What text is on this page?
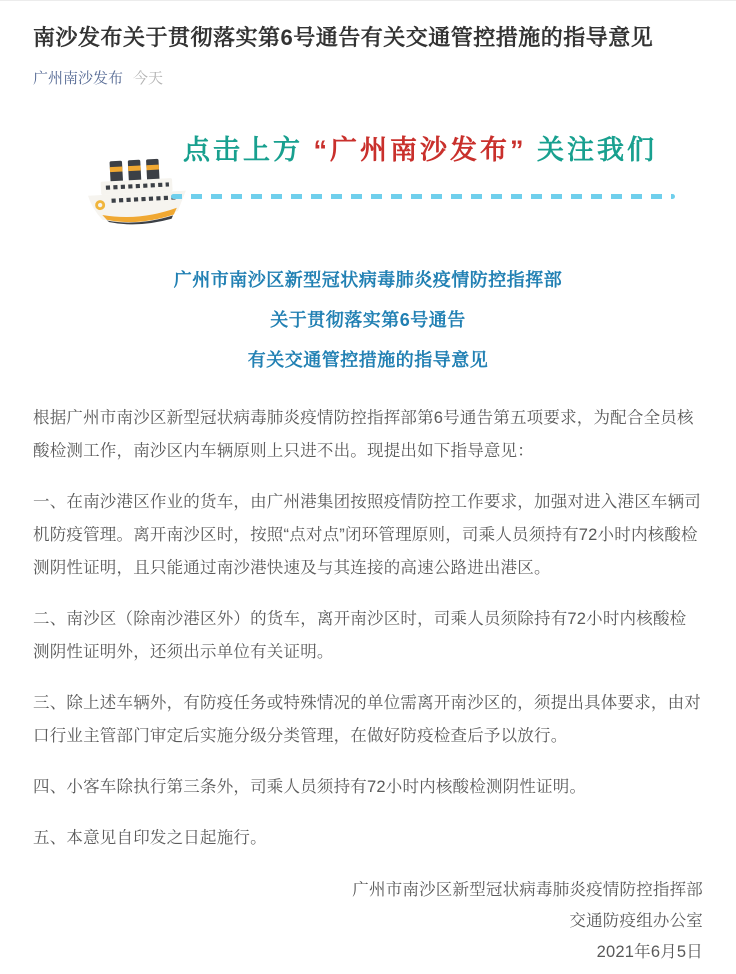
南沙发布关于贯彻落实第6号通告有关交通管控措施的指导意见
广州南沙发布 今天
点击上方 “广州南沙发布” 关注我们
广州市南沙区新型冠状病毒肺炎疫情防控指挥部
关于贯彻落实第6号通告
有关交通管控措施的指导意见

根据广州市南沙区新型冠状病毒肺炎疫情防控指挥部第6号通告第五项要求，为配合全员核酸检测工作，南沙区内车辆原则上只进不出。现提出如下指导意见：

一、在南沙港区作业的货车，由广州港集团按照疫情防控工作要求，加强对进入港区车辆司机防疫管理。离开南沙区时，按照“点对点”闭环管理原则，司乘人员须持有72小时内核酸检测阴性证明，且只能通过南沙港快速及与其连接的高速公路进出港区。

二、南沙区（除南沙港区外）的货车，离开南沙区时，司乘人员须除持有72小时内核酸检测阴性证明外，还须出示单位有关证明。

三、除上述车辆外，有防疫任务或特殊情况的单位需离开南沙区的，须提出具体要求，由对口行业主管部门审定后实施分级分类管理，在做好防疫检查后予以放行。

四、小客车除执行第三条外，司乘人员须持有72小时内核酸检测阴性证明。

五、本意见自印发之日起施行。

广州市南沙区新型冠状病毒肺炎疫情防控指挥部
交通防疫组办公室
2021年6月5日
